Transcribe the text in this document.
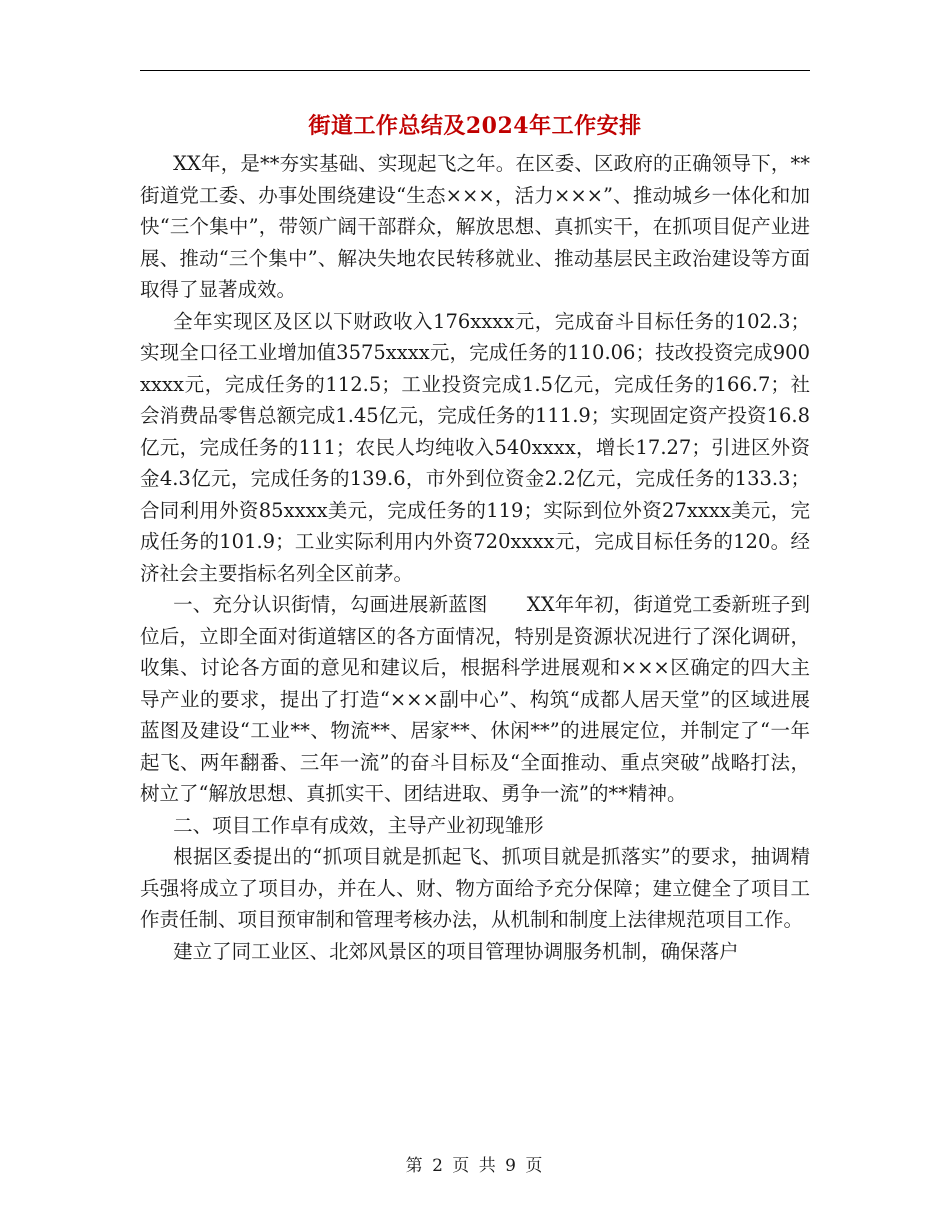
街道工作总结及2024年工作安排

XX年，是**夯实基础、实现起飞之年。在区委、区政府的正确领导下，**街道党工委、办事处围绕建设“生态×××，活力×××”、推动城乡一体化和加快“三个集中”，带领广阔干部群众，解放思想、真抓实干，在抓项目促产业进展、推动“三个集中”、解决失地农民转移就业、推动基层民主政治建设等方面取得了显著成效。

全年实现区及区以下财政收入176xxxx元，完成奋斗目标任务的102.3；实现全口径工业增加值3575xxxx元，完成任务的110.06；技改投资完成900xxxx元，完成任务的112.5；工业投资完成1.5亿元，完成任务的166.7；社会消费品零售总额完成1.45亿元，完成任务的111.9；实现固定资产投资16.8亿元，完成任务的111；农民人均纯收入540xxxx，增长17.27；引进区外资金4.3亿元，完成任务的139.6，市外到位资金2.2亿元，完成任务的133.3；合同利用外资85xxxx美元，完成任务的119；实际到位外资27xxxx美元，完成任务的101.9；工业实际利用内外资720xxxx元，完成目标任务的120。经济社会主要指标名列全区前茅。

一、充分认识街情，勾画进展新蓝图　　XX年年初，街道党工委新班子到位后，立即全面对街道辖区的各方面情况，特别是资源状况进行了深化调研，收集、讨论各方面的意见和建议后，根据科学进展观和×××区确定的四大主导产业的要求，提出了打造“×××副中心”、构筑“成都人居天堂”的区域进展蓝图及建设“工业**、物流**、居家**、休闲**”的进展定位，并制定了“一年起飞、两年翻番、三年一流”的奋斗目标及“全面推动、重点突破”战略打法，树立了“解放思想、真抓实干、团结进取、勇争一流”的**精神。

二、项目工作卓有成效，主导产业初现雏形

根据区委提出的“抓项目就是抓起飞、抓项目就是抓落实”的要求，抽调精兵强将成立了项目办，并在人、财、物方面给予充分保障；建立健全了项目工作责任制、项目预审制和管理考核办法，从机制和制度上法律规范项目工作。

建立了同工业区、北郊风景区的项目管理协调服务机制，确保落户

第 2 页 共 9 页
